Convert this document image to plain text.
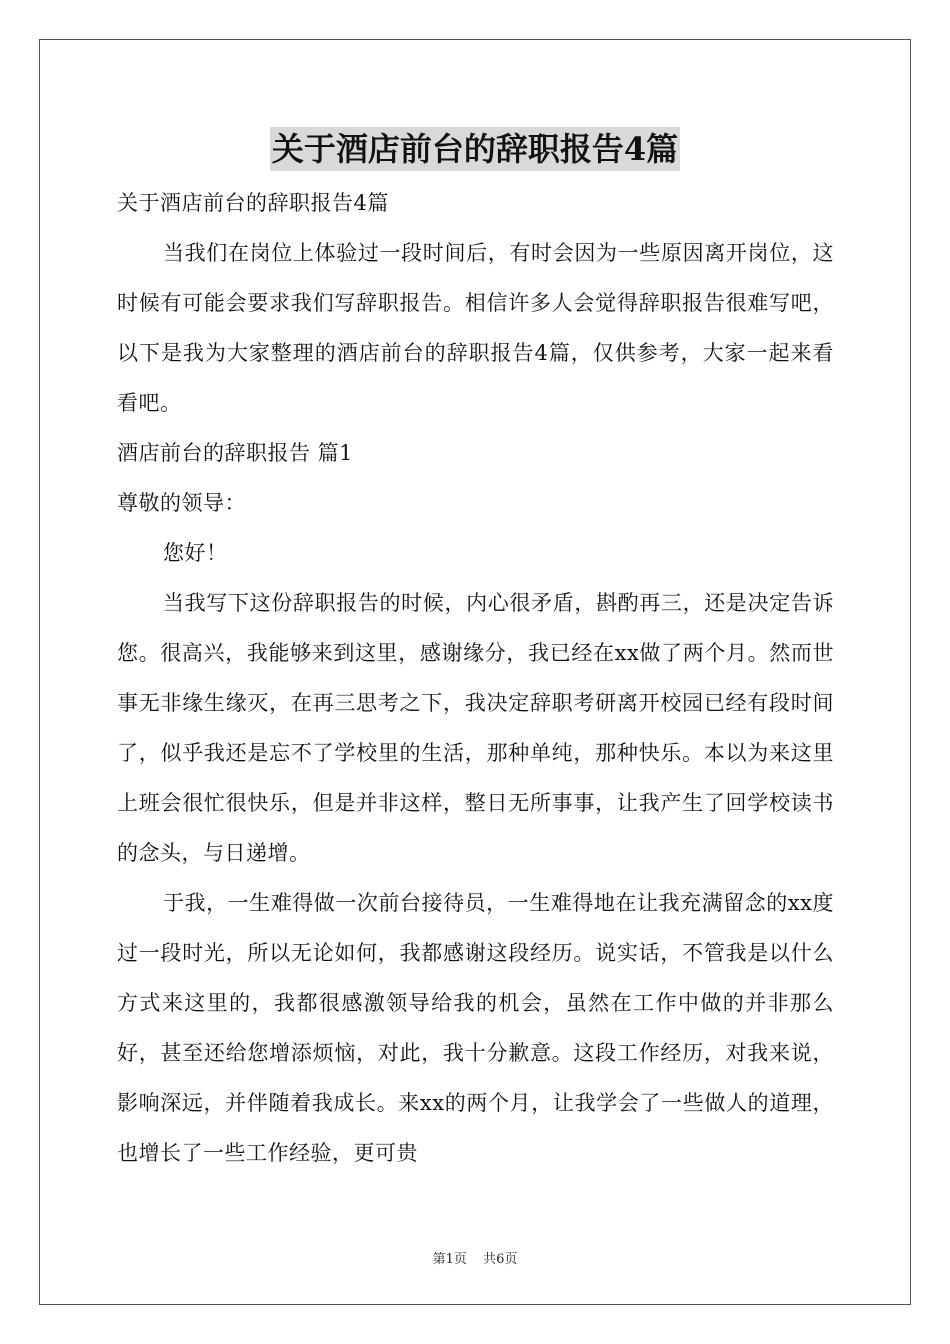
关于酒店前台的辞职报告4篇

关于酒店前台的辞职报告4篇

当我们在岗位上体验过一段时间后，有时会因为一些原因离开岗位，这时候有可能会要求我们写辞职报告。相信许多人会觉得辞职报告很难写吧，以下是我为大家整理的酒店前台的辞职报告4篇，仅供参考，大家一起来看看吧。

酒店前台的辞职报告 篇1

尊敬的领导：

您好！

当我写下这份辞职报告的时候，内心很矛盾，斟酌再三，还是决定告诉您。很高兴，我能够来到这里，感谢缘分，我已经在xx做了两个月。然而世事无非缘生缘灭，在再三思考之下，我决定辞职考研离开校园已经有段时间了，似乎我还是忘不了学校里的生活，那种单纯，那种快乐。本以为来这里上班会很忙很快乐，但是并非这样，整日无所事事，让我产生了回学校读书的念头，与日递增。

于我，一生难得做一次前台接待员，一生难得地在让我充满留念的xx度过一段时光，所以无论如何，我都感谢这段经历。说实话，不管我是以什么方式来这里的，我都很感激领导给我的机会，虽然在工作中做的并非那么好，甚至还给您增添烦恼，对此，我十分歉意。这段工作经历，对我来说，影响深远，并伴随着我成长。来xx的两个月，让我学会了一些做人的道理，也增长了一些工作经验，更可贵

第1页 共6页
